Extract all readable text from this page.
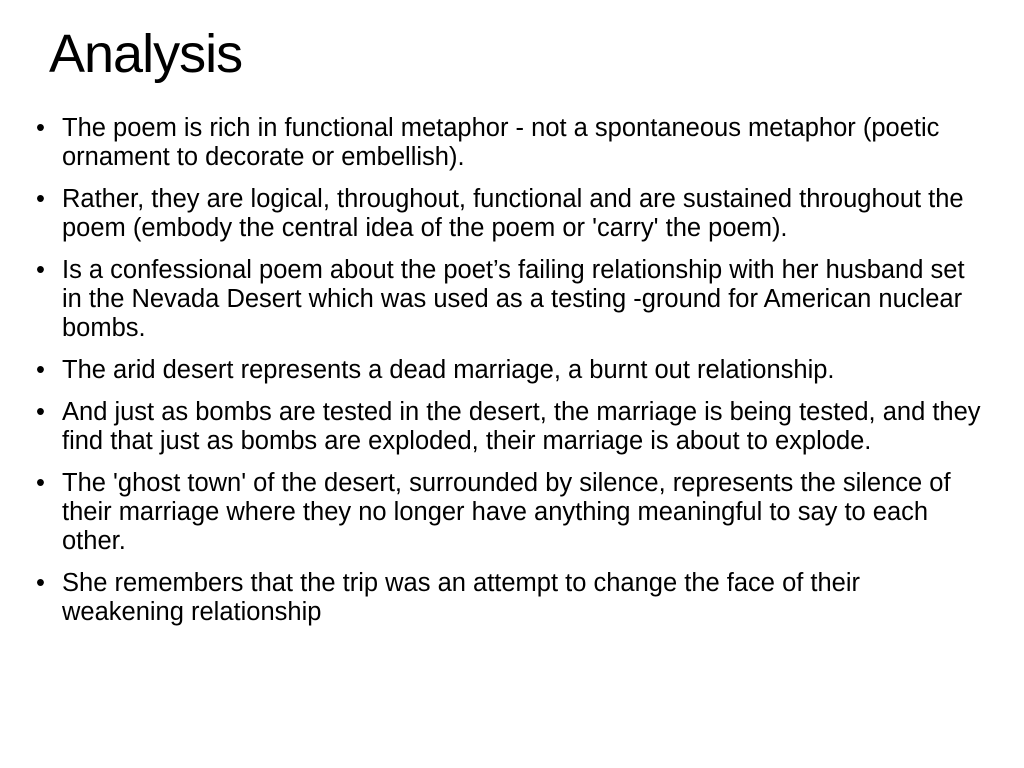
Analysis
• The poem is rich in functional metaphor - not a spontaneous metaphor (poetic ornament to decorate or embellish).
• Rather, they are logical, throughout, functional and are sustained throughout the poem (embody the central idea of the poem or 'carry' the poem).
• Is a confessional poem about the poet’s failing relationship with her husband set in the Nevada Desert which was used as a testing -ground for American nuclear bombs.
• The arid desert represents a dead marriage, a burnt out relationship.
• And just as bombs are tested in the desert, the marriage is being tested, and they find that just as bombs are exploded, their marriage is about to explode.
• The 'ghost town' of the desert, surrounded by silence, represents the silence of their marriage where they no longer have anything meaningful to say to each other.
• She remembers that the trip was an attempt to change the face of their weakening relationship
